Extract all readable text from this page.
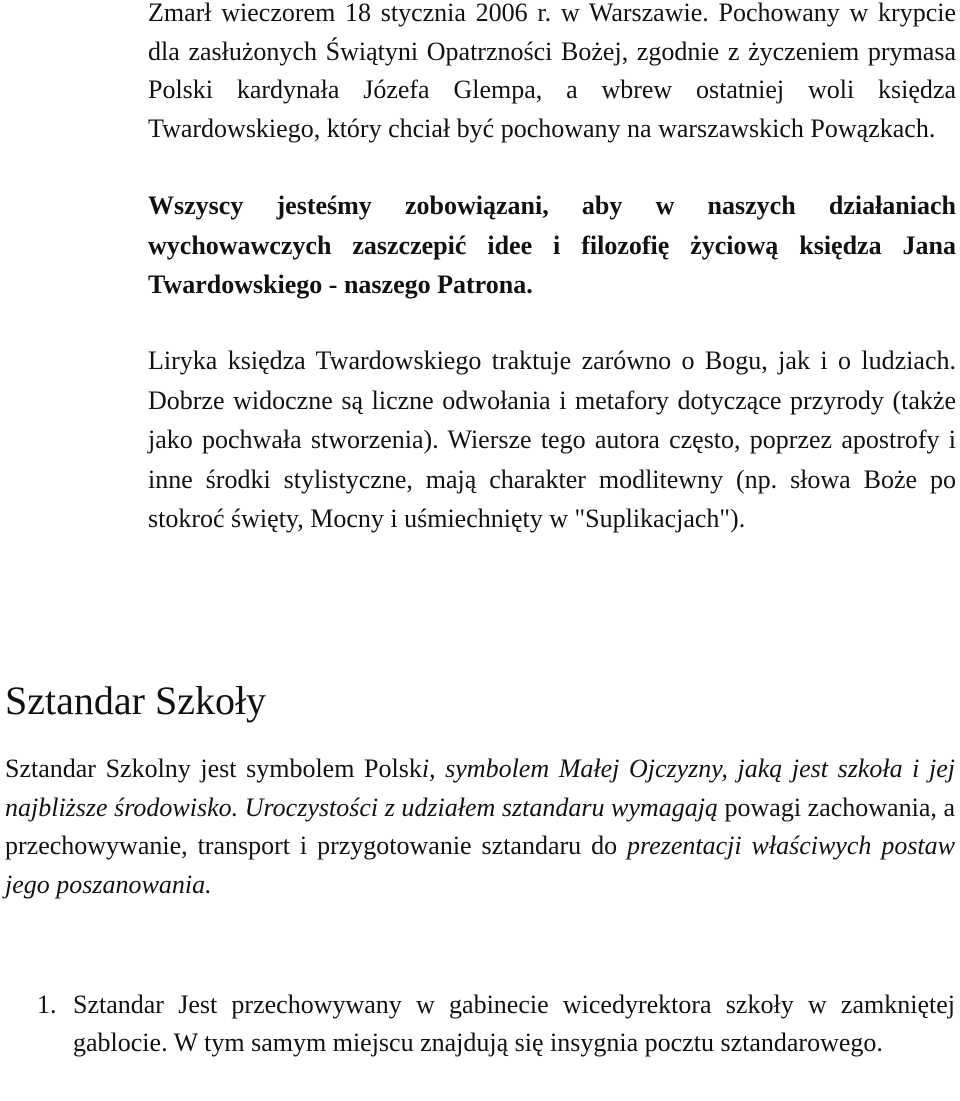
Zmarł wieczorem 18 stycznia 2006 r. w Warszawie. Pochowany w krypcie dla zasłużonych Świątyni Opatrzności Bożej, zgodnie z życzeniem prymasa Polski kardynała Józefa Glempa, a wbrew ostatniej woli księdza Twardowskiego, który chciał być pochowany na warszawskich Powązkach.

Wszyscy jesteśmy zobowiązani, aby w naszych działaniach wychowawczych zaszczepić idee i filozofię życiową księdza Jana Twardowskiego - naszego Patrona.

Liryka księdza Twardowskiego traktuje zarówno o Bogu, jak i o ludziach. Dobrze widoczne są liczne odwołania i metafory dotyczące przyrody (także jako pochwała stworzenia). Wiersze tego autora często, poprzez apostrofy i inne środki stylistyczne, mają charakter modlitewny (np. słowa Boże po stokroć święty, Mocny i uśmiechnięty w "Suplikacjach").

Sztandar Szkoły

Sztandar Szkolny jest symbolem Polski, symbolem Małej Ojczyzny, jaką jest szkoła i jej najbliższe środowisko. Uroczystości z udziałem sztandaru wymagają powagi zachowania, a przechowywanie, transport i przygotowanie sztandaru do prezentacji właściwych postaw jego poszanowania.

1. Sztandar Jest przechowywany w gabinecie wicedyrektora szkoły w zamkniętej gablocie. W tym samym miejscu znajdują się insygnia pocztu sztandarowego.
